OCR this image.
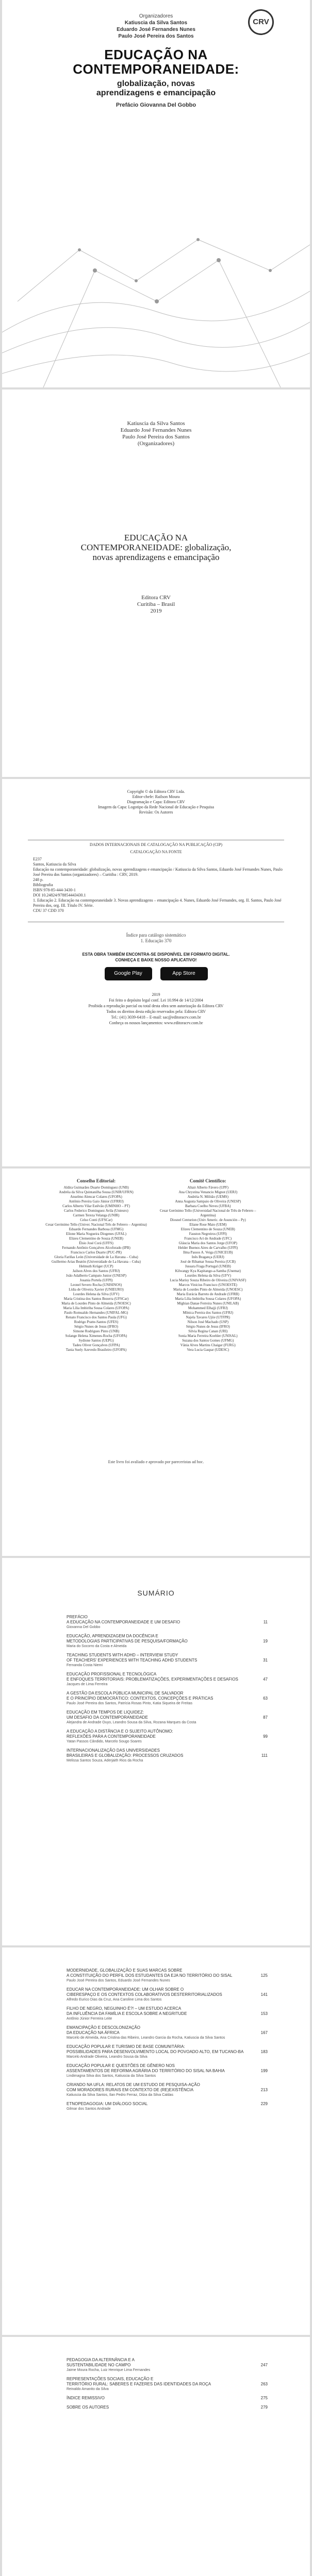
Organizadores
Katiuscia da Silva Santos
Eduardo José Fernandes Nunes
Paulo José Pereira dos Santos
CRV
EDUCAÇÃO NA
CONTEMPORANEIDADE:
globalização, novas
aprendizagens e emancipação
Prefácio Giovanna Del Gobbo
Katiuscia da Silva Santos
Eduardo José Fernandes Nunes
Paulo José Pereira dos Santos
(Organizadores)
EDUCAÇÃO NA
CONTEMPORANEIDADE: globalização,
novas aprendizagens e emancipação
Editora CRV
Curitiba – Brasil
2019
Copyright © da Editora CRV Ltda.
Editor-chefe: Railson Moura
Diagramação e Capa: Editora CRV
Imagem da Capa: Logotipo da Rede Nacional de Educação e Pesquisa
Revisão: Os Autores
DADOS INTERNACIONAIS DE CATALOGAÇÃO NA PUBLICAÇÃO (CIP)
CATALOGAÇÃO NA FONTE
E237
Santos, Katiuscia da Silva
Educação na contemporaneidade: globalização, novas aprendizagens e emancipação / Katiuscia da Silva Santos, Eduardo José Fernandes Nunes, Paulo José Pereira dos Santos (organizadores) – Curitiba : CRV, 2019.
248 p.
Bibliografia
ISBN 978-85-444-3430-1
DOI 10.24824/978854443430.1
1. Educação 2. Educação na contemporaneidade 3. Novas aprendizagens – emancipação 4. Nunes, Eduardo José Fernandes, org. II. Santos, Paulo José Pereira dos, org. III. Título IV. Série.
CDU 37 CDD 370
Índice para catálogo sistemático
1. Educação 370
ESTA OBRA TAMBÉM ENCONTRA-SE DISPONÍVEL EM FORMATO DIGITAL.
CONHEÇA E BAIXE NOSSO APLICATIVO!
Google Play	App Store
2019
Foi feito o depósito legal conf. Lei 10.994 de 14/12/2004
Proibida a reprodução parcial ou total desta obra sem autorização da Editora CRV
Todos os direitos desta edição reservados pela: Editora CRV
Tel.: (41) 3039-6418 – E-mail: sac@editoracrv.com.br
Conheça os nossos lançamentos: www.editoracrv.com.br
Conselho Editorial:
Aldira Guimarães Duarte Domínguez (UNB)
Andréia da Silva Quintanilha Sousa (UNIR/UFRN)
Anselmo Alencar Colares (UFOPA)
Antônio Pereira Gaio Júnior (UFRRJ)
Carlos Alberto Vilar Estêvão (UMINHO – PT)
Carlos Federico Dominguez Avila (Unieuro)
Carmen Tereza Velanga (UNIR)
Celso Conti (UFSCar)
Cesar Gerónimo Tello (Univer. Nacional Três de Febrero – Argentina)
Eduardo Fernandes Barbosa (UFMG)
Elione Maria Nogueira Diogenes (UFAL)
Elizeu Clementino de Souza (UNEB)
Élsio José Corá (UFFS)
Fernando Antônio Gonçalves Alcoforado (IPB)
Francisco Carlos Duarte (PUC-PR)
Gloria Fariñas León (Universidade de La Havana – Cuba)
Guillermo Arias Beatón (Universidade de La Havana – Cuba)
Helmuth Krüger (UCP)
Jailson Alves dos Santos (UFRJ)
João Adalberto Campato Junior (UNESP)
Josania Portela (UFPI)
Leonel Severo Rocha (UNISINOS)
Lídia de Oliveira Xavier (UNIEURO)
Lourdes Helena da Silva (UFV)
Maria Cristina dos Santos Bezerra (UFSCar)
Maria de Lourdes Pinto de Almeida (UNOESC)
Maria Lília Imbiriba Sousa Colares (UFOPA)
Paulo Romualdo Hernandes (UNIFAL-MG)
Renato Francisco dos Santos Paula (UFG)
Rodrigo Pratte-Santos (UFES)
Sérgio Nunes de Jesus (IFRO)
Simone Rodrigues Pinto (UNB)
Solange Helena Ximenes-Rocha (UFOPA)
Sydione Santos (UEPG)
Tadeu Oliver Gonçalves (UFPA)
Tania Suely Azevedo Brasileiro (UFOPA)

Comitê Científico:
Altair Alberto Fávero (UPF)
Ana Chrystina Venancio Mignot (UERJ)
Andréia N. Militão (UEMS)
Anna Augusta Sampaio de Oliveira (UNESP)
Barbara Coelho Neves (UFBA)
Cesar Gerónimo Tello (Universidad Nacional de Três de Febrero – Argentina)
Diosnel Centurion (Univ Americ. de Asunción – Py)
Eliane Rose Maio (UEM)
Elizeu Clementino de Souza (UNEB)
Fauston Negreiros (UFPI)
Francisco Ari de Andrade (UFC)
Gláucia Maria dos Santos Jorge (UFOP)
Helder Buenos Aires de Carvalho (UFPI)
Ilma Passos A. Veiga (UNICEUB)
Inês Bragança (UERJ)
José de Ribamar Sousa Pereira (UCB)
Jussara Fraga Portugal (UNEB)
Kilwangy Kya Kapitango-a-Samba (Unemat)
Lourdes Helena da Silva (UFV)
Lucia Marisy Souza Ribeiro de Oliveira (UNIVASF)
Marcos Vinicius Francisco (UNOESTE)
Maria de Lourdes Pinto de Almeida (UNOESC)
Maria Eurácia Barreto de Andrade (UFRB)
Maria Lília Imbiriba Sousa Colares (UFOPA)
Míghian Danae Ferreira Nunes (UNILAB)
Mohammed Elhajji (UFRJ)
Mônica Pereira dos Santos (UFRJ)
Najela Tavares Ujiie (UTFPR)
Nilson José Machado (USP)
Sérgio Nunes de Jesus (IFRO)
Silvia Regina Canan (URI)
Sonia Maria Ferreira Koehler (UNISAL)
Suzana dos Santos Gomes (UFMG)
Vânia Alves Martins Chaigar (FURG)
Vera Lucia Gaspar (UDESC)
Este livro foi avaliado e aprovado por pareceristas ad hoc.
SUMÁRIO
PREFÁCIO
A EDUCAÇÃO NA CONTEMPORANEIDADE E UM DESAFIO	11
Giovanna Del Gobbo
EDUCAÇÃO, APRENDIZAGEM DA DOCÊNCIA E
METODOLOGIAS PARTICIPATIVAS DE PESQUISA/FORMAÇÃO	19
Maria do Socorro da Costa e Almeida
TEACHING STUDENTS WITH ADHD – INTERVIEW STUDY
OF TEACHERS' EXPERIENCES WITH TEACHING ADHD STUDENTS	31
Fernanda Costa Niemi
EDUCAÇÃO PROFISSIONAL E TECNOLÓGICA
E ENFOQUES TERRITORIAIS: PROBLEMATIZAÇÕES, EXPERIMENTAÇÕES E DESAFIOS	47
Jacques de Lima Ferreira
A GESTÃO DA ESCOLA PÚBLICA MUNICIPAL DE SALVADOR
E O PRINCÍPIO DEMOCRÁTICO: CONTEXTOS, CONCEPÇÕES E PRÁTICAS	63
Paulo José Pereira dos Santos, Patrícia Rosas Pinto, Katia Siqueira de Freitas
EDUCAÇÃO EM TEMPOS DE LIQUIDEZ:
UM DESAFIO DA CONTEMPORANEIDADE	87
Alejandra de Andrade Ouyo, Leandro Sousa da Silva, Rozana Marques da Costa
A EDUCAÇÃO A DISTÂNCIA E O SUJEITO AUTÔNOMO:
REFLEXÕES PARA A CONTEMPORANEIDADE	99
Yatan Passos Cândido, Marcelo Sougo Soares
INTERNACIONALIZAÇÃO DAS UNIVERSIDADES
BRASILEIRAS E GLOBALIZAÇÃO: PROCESSOS CRUZADOS	111
Melissa Santos Souza, Aderjaith Rios da Rocha
MODERNIDADE, GLOBALIZAÇÃO E SUAS MARCAS SOBRE
A CONSTITUIÇÃO DO PERFIL DOS ESTUDANTES DA EJA NO TERRITÓRIO DO SISAL	125
Paulo José Pereira dos Santos, Eduardo José Fernandes Nunes
EDUCAR NA CONTEMPORANEIDADE: UM OLHAR SOBRE O
CIBERESPAÇO E OS CONTEXTOS COLABORATIVOS DESTERRITORIALIZADOS	141
Alfredo Eurico Dias da Cruz, Ana Caroline Lima dos Santos
FILHO DE NEGRO, NEGUINHO É?! – UM ESTUDO ACERCA
DA INFLUÊNCIA DA FAMÍLIA E ESCOLA SOBRE A NEGRITUDE	153
Antônio Júnior Ferreira Leite
EMANCIPAÇÃO E DESCOLONIZAÇÃO
DA EDUCAÇÃO NA ÁFRICA	167
Marcelo de Almeida, Ana Cristina das Ribeiro, Leandro Garcia da Rocha, Katiuscia da Silva Santos
EDUCAÇÃO POPULAR E TURISMO DE BASE COMUNITÁRIA:
POSSIBILIDADES PARA DESENVOLVIMENTO LOCAL DO POVOADO ALTO, EM TUCANO-BA	183
Marcelo Andrade Oliveira, Leandro Sousa da Silva
EDUCAÇÃO POPULAR E QUESTÕES DE GÊNERO NOS
ASSENTAMENTOS DE REFORMA AGRÁRIA DO TERRITÓRIO DO SISAL NA BAHIA	199
Lindimagna Silva dos Santos, Katiuscia da Silva Santos
CRIANDO NA UFLA: RELATOS DE UM ESTUDO DE PESQUISA-AÇÃO
COM MORADORES RURAIS EM CONTEXTO DE (RE)EXISTÊNCIA	213
Katiuscia da Silva Santos, Ilan Pedro Ferraz, Dilza da Silva Caldas
ETNOPEDAGOGIA: UM DIÁLOGO SOCIAL	229
Gilmar dos Santos Andrade
PEDAGOGIA DA ALTERNÂNCIA E A
SUSTENTABILIDADE NO CAMPO	247
Jaime Moura Rocha, Luiz Henrique Lima Fernandes
REPRESENTAÇÕES SOCIAIS, EDUCAÇÃO E
TERRITÓRIO RURAL: SABERES E FAZERES DAS IDENTIDADES DA ROÇA	263
Reinaldo Amanito da Silva
ÍNDICE REMISSIVO	275
SOBRE OS AUTORES	279
